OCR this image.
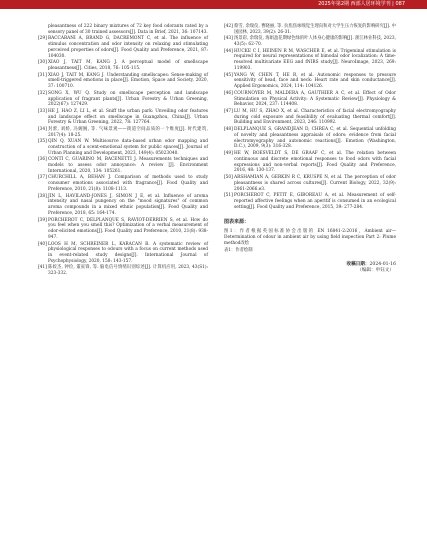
2025年第2期 西部人居环境学刊 | 087

pleasantness of 222 binary mixtures of 72 key food odorants rated by a sensory panel of 30 trained assessors[J]. Data in Brief, 2021, 36: 107143.

[29] BACCARANI A, BRAND G, DACREMONT C, et al. The influence of stimulus concentration and odor intensity on relaxing and stimulating perceived properties of odors[J]. Food Quality and Preference, 2021, 87: 104030.

[30] XIAO J, TAIT M, KANG J. A perceptual model of smellscape pleasantness[J]. Cities, 2018, 76: 105-115.

[31] XIAO J, TAIT M, KANG J. Understanding smellscapes: Sense-making of smell-triggered emotions in place[J]. Emotion, Space and Society, 2020, 37: 100710.

[32] SONG X, WU Q. Study on smellscape perception and landscape application of fragrant plants[J]. Urban Forestry & Urban Greening, 2022(67): 127429.

[33] HE J, HAO Z, LI L, et al. Sniff the urban park: Unveiling odor features and landscape effect on smellscape in Guangzhou, China[J]. Urban Forestry & Urban Greening, 2022, 78: 127764.

[34] 封蕾, 刘娇, 冯婉婉, 等. 气味景观——街道空间品质的一个维度[J]. 时代建筑, 2017(4): 18-25.

[35] QIN Q, XUAN W. Multisource data-based urban odor mapping and construction of a scent-emotional system for public spaces[J]. Journal of Urban Planning and Development, 2023, 149(4): 05023040.

[36] CONTI C, GUARINO M, BACENETTI J. Measurements techniques and models to assess odor annoyance: A review [J]. Environment International, 2020, 134: 105261.

[37] CHURCHILL A, BEHAN J. Comparison of methods used to study consumer emotions associated with fragrance[J]. Food Quality and Preference, 2010, 21(8): 1108-1113.

[38] JIN L, HAVILAND-JONES J, SIMON J E, et al. Influence of aroma intensity and nasal pungency on the "mood signatures" of common aroma compounds in a mixed ethnic population[J]. Food Quality and Preference, 2018, 65: 164-174.

[39] PORCHEROT C, DELPLANQUE S, RAVIOT-DERRIEN S, et al. How do you feel when you smell this? Optimization of a verbal measurement of odor-elicited emotions[J]. Food Quality and Preference, 2010, 21(8): 938-947.

[40] LOOS H M, SCHREINER L, KARACAN B. A systematic review of physiological responses to odours with a focus on current methods used in event-related study designs[J]. International Journal of Psychophysiology, 2020, 158: 143-157.

[41] 陈姣杰, 钟俭, 董寅锋, 等. 脑电信号情绪识别综述[J]. 计算机应用, 2023, 43(S1): 323-332.

[42] 蔡雪, 余瑞仪, 曹晓丽, 等. 抗焦焦咏嗅觉生理向和对大学生压力恢复的影响研究[J]. 中国园林, 2023, 39(2): 26-31.

[43] 汤景彩, 余瑞仪, 海娟盈花期绿色绿的叶人体身心健康的影响[J]. 浙江林业科技, 2023, 43(5): 62-70.

[44] HUCKE C I, HEINEN R M, WASCHER E, et al. Trigeminal stimulation is required for neural representations of bimodal odor localization: A time-resolved multivariate EEG and fNIRS study[J]. NeuroImage, 2023, 269: 119903.

[45] YANG W, CHEN T, HE R, et al. Autonomic responses to pressure sensitivity of head, face and neck: Heart rate and skin conductance[J]. Applied Ergonomics, 2024, 114: 104126.

[46] COURNOYER M, MALDERA A, GAUTHIER A C, et al. Effect of Odor Stimulation on Physical Activity: A Systematic Review[J]. Physiology & Behavior, 2024, 237: 114408.

[47] LU M, HU S, ZHAO X, et al. Characteristics of facial electromyography during cold exposure and feasibility of evaluating thermal comfort[J]. Building and Environment, 2023, 246: 110992.

[48] DELPLANQUE S, GRANDJEAN D, CHREA C, et al. Sequential unfolding of novelty and pleasantness appraisals of odors: evidence from facial electromyography and autonomic reactions[J]. Emotion (Washington, D.C.), 2009, 9(3): 316-328.

[49] HE W, BOESVELDT S, DE GRAAF C, et al. The relation between continuous and discrete emotional responses to food odors with facial expressions and non-verbal reports[J]. Food Quality and Preference, 2016, 48: 130-137.

[50] ARSHAMIAN A, GERKIN R C, KRUSPE N, et al. The perception of odor pleasantness is shared across cultures[J]. Current Biology, 2022, 32(9): 2061-2066.e3.

[51] PORCHEROT C, PETIT E, GIBOREAU A, et al. Measurement of self-reported affective feelings when an aperitif is consumed in an ecological setting[J]. Food Quality and Preference, 2015, 39: 277-284.

图表来源：

图1：作者根据英国标准协会出版的 EN 16841-2:2016，Ambient air—Determination of odour in ambient air by using field inspection Part 2: Plume method改绘

表1：作者绘制

收稿日期：2024-01-16
（编辑：申钰文）
